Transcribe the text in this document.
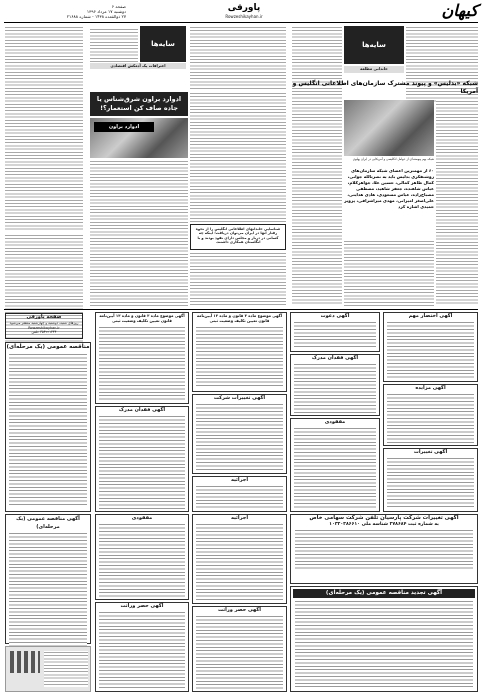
صفحه ۶
دوشنبه ۱۷ مرداد ۱۳۹۶
۲۷ ذوالقعده ۱۴۳۸ - شماره ۲۱۶۸۸
پاورقی
Rowzeshikayhan.ir	کیهان
صفحه پاورقی
روزهای شنبه، دوشنبه و چهارشنبه منتشر می‌شود
Rowzeshikayhan.ir
۳۵۴۲۲۱۳۴۴ :تلفن
سایه‌ها
اعترافات یک آدمکش اقتصادی
ادوارد براون شرق‌شناس یا جاده صاف کن استعمار؟!
ادوارد براون
شناسایی خاندانهای اطلاعاتی انگلیس را از نحوه رفتار آنها در ایران می‌توان دریافت؛ اینکه چه کسانی در دربار و مجلس دارای نفوذ بودند و با انگلستان همکاری داشتند.
سایه‌ها
خاندانی مطلعه
شبکه «بدلیس» و پیوند مشترک سازمان‌های اطلاعاتی انگلیس و آمریکا
شبکه بهم پیوسته‌ای از عوامل انگلیسی و آمریکایی در ایران پهلوی
۶۰ از مهمترین اعضای شبکه سازمان‌های روشنفکری بدلیس باید به نصرتالله جوانی، کمال طاهر کمالی، حسین علا، جواهرکلام، عباس شاهنده، جعفر شاهید، مصطفی مصباح‌زاده، عباس مسعودی، هادی هدایتی، علی‌اصغر امیرانی، مهدی میراشرافی، پرویز حمیدی اشاره کرد
آگهی اختصار مهم
آگهی مزایده
آگهی تغییرات
آگهی دعوت
آگهی فقدان مدرک
مفقودی
آگهی موضوع ماده ۳ قانون و ماده ۱۳ آیین‌نامه قانون تعیین تکلیف وضعیت ثبتی
آگهی تغییرات شرکت
اجرائیه
آگهی موضوع ماده ۳ قانون و ماده ۱۳ آیین‌نامه قانون تعیین تکلیف وضعیت ثبتی
آگهی فقدان مدرک
مناقصه عمومی (یک مرحله‌ای)
آگهی تغییرات شرکت پارسیان تلفن شرکت سهامی خاص
به شماره ثبت ۲۷۸۶۸۴ شناسه ملی ۱۰۳۲۰۳۸۶۶۱۰
آگهی تجدید مناقصه عمومی (یک مرحله‌ای)
اجرائیه
آگهی حصر وراثت
مفقودی
آگهی حصر وراثت
آگهی مناقصه عمومی (یک مرحله‌ای)
